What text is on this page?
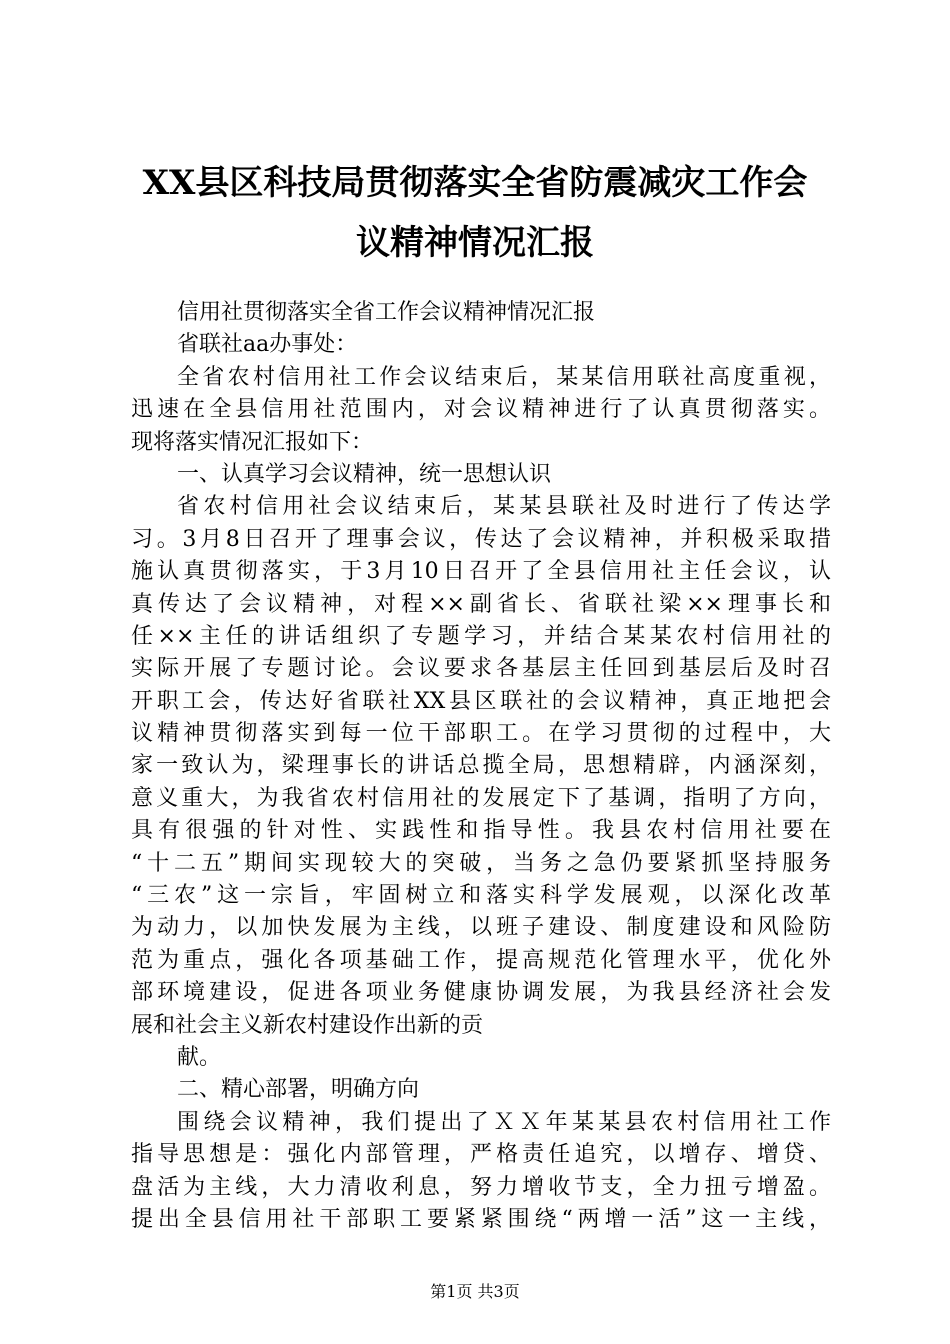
XX县区科技局贯彻落实全省防震减灾工作会
议精神情况汇报
信用社贯彻落实全省工作会议精神情况汇报
省联社aa办事处：
全省农村信用社工作会议结束后，某某信用联社高度重视，
迅速在全县信用社范围内，对会议精神进行了认真贯彻落实。
现将落实情况汇报如下：
一、认真学习会议精神，统一思想认识
省农村信用社会议结束后，某某县联社及时进行了传达学
习。3月8日召开了理事会议，传达了会议精神，并积极采取措
施认真贯彻落实，于3月10日召开了全县信用社主任会议，认
真传达了会议精神，对程××副省长、省联社梁××理事长和
任××主任的讲话组织了专题学习，并结合某某农村信用社的
实际开展了专题讨论。会议要求各基层主任回到基层后及时召
开职工会，传达好省联社XX县区联社的会议精神，真正地把会
议精神贯彻落实到每一位干部职工。在学习贯彻的过程中，大
家一致认为，梁理事长的讲话总揽全局，思想精辟，内涵深刻，
意义重大，为我省农村信用社的发展定下了基调，指明了方向，
具有很强的针对性、实践性和指导性。我县农村信用社要在
“十二五”期间实现较大的突破，当务之急仍要紧抓坚持服务
“三农”这一宗旨，牢固树立和落实科学发展观，以深化改革
为动力，以加快发展为主线，以班子建设、制度建设和风险防
范为重点，强化各项基础工作，提高规范化管理水平，优化外
部环境建设，促进各项业务健康协调发展，为我县经济社会发
展和社会主义新农村建设作出新的贡
献。
二、精心部署，明确方向
围绕会议精神，我们提出了ＸＸ年某某县农村信用社工作
指导思想是：强化内部管理，严格责任追究，以增存、增贷、
盘活为主线，大力清收利息，努力增收节支，全力扭亏增盈。
提出全县信用社干部职工要紧紧围绕“两增一活”这一主线，
第1页 共3页
